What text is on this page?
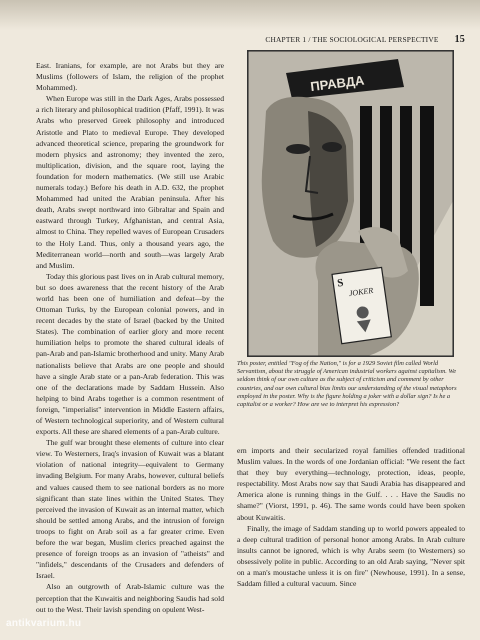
CHAPTER 1 / THE SOCIOLOGICAL PERSPECTIVE 15

East. Iranians, for example, are not Arabs but they are Muslims (followers of Islam, the religion of the prophet Mohammed).

When Europe was still in the Dark Ages, Arabs possessed a rich literary and philosophical tradition (Pfaff, 1991). It was Arabs who preserved Greek philosophy and introduced Aristotle and Plato to medieval Europe. They developed advanced theoretical science, preparing the groundwork for modern physics and astronomy; they invented the zero, multiplication, division, and the square root, laying the foundation for modern mathematics. (We still use Arabic numerals today.) Before his death in A.D. 632, the prophet Mohammed had united the Arabian peninsula. After his death, Arabs swept northward into Gibraltar and Spain and eastward through Turkey, Afghanistan, and central Asia, almost to China. They repelled waves of European Crusaders to the Holy Land. Thus, only a thousand years ago, the Mediterranean world—north and south—was largely Arab and Muslim.

Today this glorious past lives on in Arab cultural memory, but so does awareness that the recent history of the Arab world has been one of humiliation and defeat—by the Ottoman Turks, by the European colonial powers, and in recent decades by the state of Israel (backed by the United States). The combination of earlier glory and more recent humiliation helps to promote the shared cultural ideals of pan-Arab and pan-Islamic brotherhood and unity. Many Arab nationalists believe that Arabs are one people and should have a single Arab state or a pan-Arab federation. This was one of the declarations made by Saddam Hussein. Also helping to bind Arabs together is a common resentment of foreign, "imperialist" intervention in Middle Eastern affairs, of Western technological superiority, and of Western cultural exports. All these are shared elements of a pan-Arab culture.

The gulf war brought these elements of culture into clear view. To Westerners, Iraq's invasion of Kuwait was a blatant violation of national integrity—equivalent to Germany invading Belgium. For many Arabs, however, cultural beliefs and values caused them to see national borders as no more significant than state lines within the United States. They perceived the invasion of Kuwait as an internal matter, which should be settled among Arabs, and the intrusion of foreign troops to fight on Arab soil as a far greater crime. Even before the war began, Muslim clerics preached against the presence of foreign troops as an invasion of "atheists" and "infidels," descendants of the Crusaders and defenders of Israel.

Also an outgrowth of Arab-Islamic culture was the perception that the Kuwaitis and neighboring Saudis had sold out to the West. Their lavish spending on opulent West-

ПРАВДА
S
JOKER
This poster, entitled "Fog of the Nation," is for a 1929 Soviet film called World Servantism, about the struggle of American industrial workers against capitalism. We seldom think of our own culture as the subject of criticism and comment by other countries, and our own cultural bias limits our understanding of the visual metaphors employed in the poster. Why is the figure holding a joker with a dollar sign? Is he a capitalist or a worker? How are we to interpret his expression?

ern imports and their secularized royal families offended traditional Muslim values. In the words of one Jordanian official: "We resent the fact that they buy everything—technology, protection, ideas, people, respectability. Most Arabs now say that Saudi Arabia has disappeared and America alone is running things in the Gulf. . . . Have the Saudis no shame?" (Viorst, 1991, p. 46). The same words could have been spoken about Kuwaitis.

Finally, the image of Saddam standing up to world powers appealed to a deep cultural tradition of personal honor among Arabs. In Arab culture insults cannot be ignored, which is why Arabs seem (to Westerners) so obsessively polite in public. According to an old Arab saying, "Never spit on a man's moustache unless it is on fire" (Newhouse, 1991). In a sense, Saddam filled a cultural vacuum. Since

antikvarium.hu
